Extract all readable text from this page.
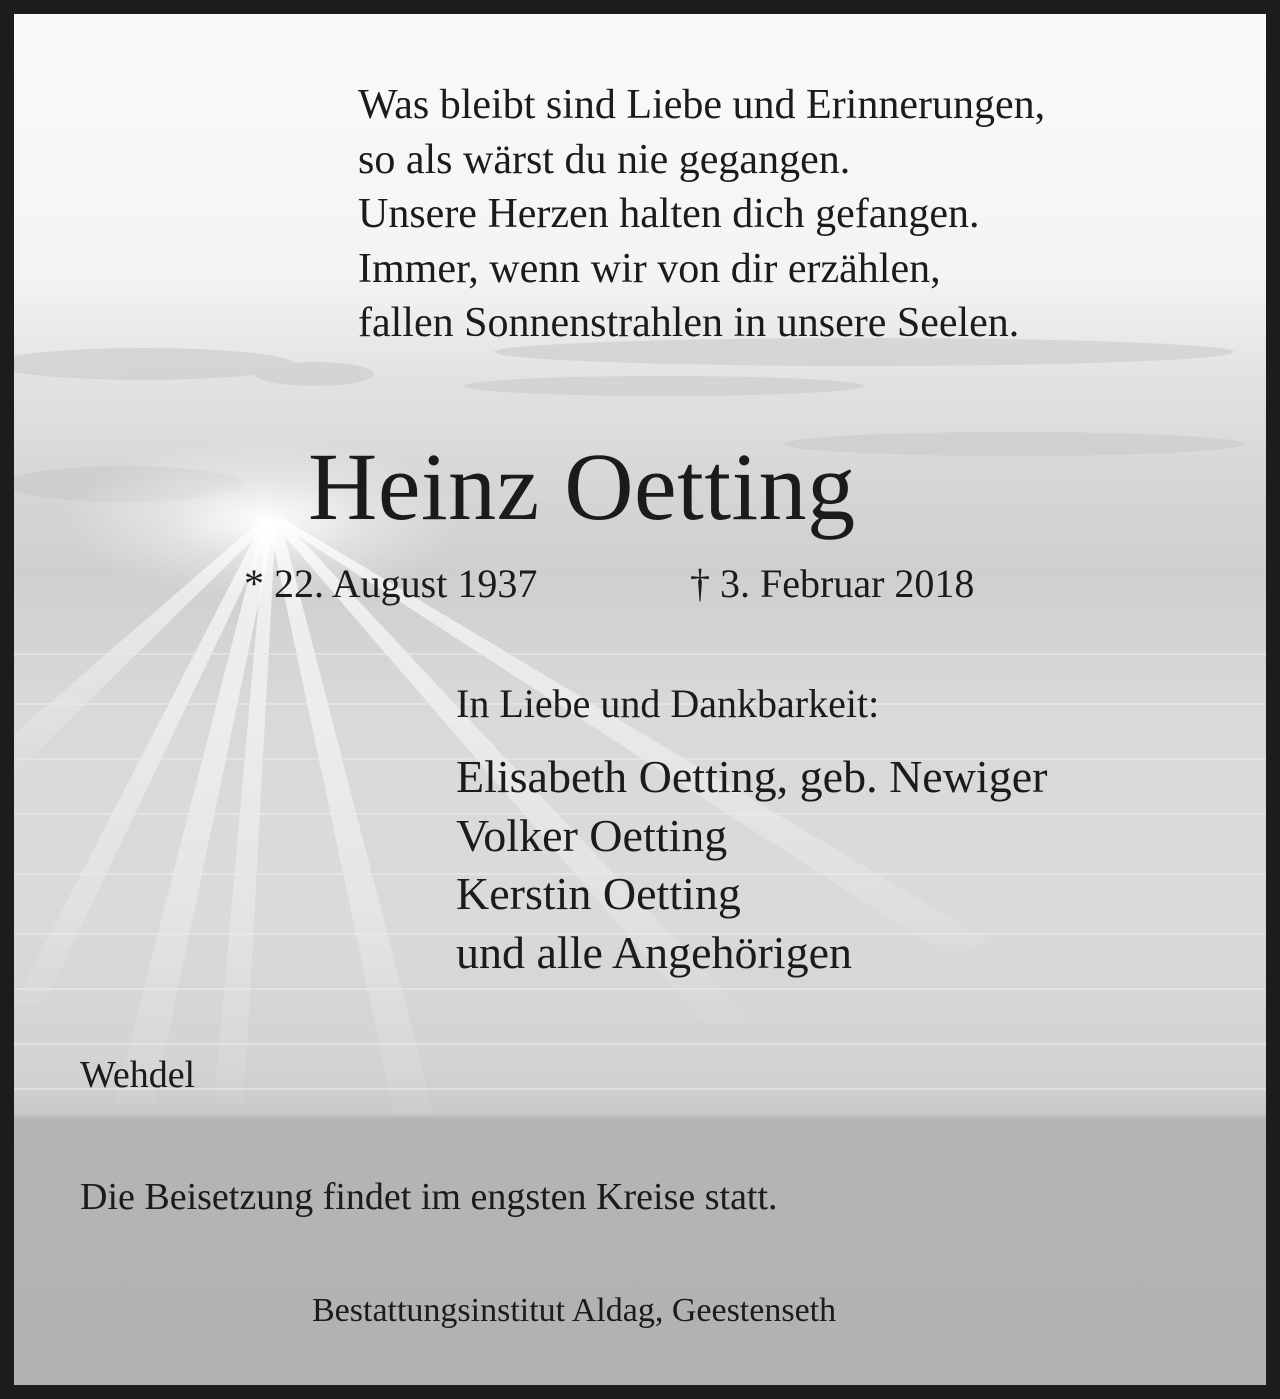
Was bleibt sind Liebe und Erinnerungen,
so als wärst du nie gegangen.
Unsere Herzen halten dich gefangen.
Immer, wenn wir von dir erzählen,
fallen Sonnenstrahlen in unsere Seelen.
Heinz Oetting
* 22. August 1937	† 3. Februar 2018
In Liebe und Dankbarkeit:
Elisabeth Oetting, geb. Newiger
Volker Oetting
Kerstin Oetting
und alle Angehörigen
Wehdel
Die Beisetzung findet im engsten Kreise statt.
Bestattungsinstitut Aldag, Geestenseth
